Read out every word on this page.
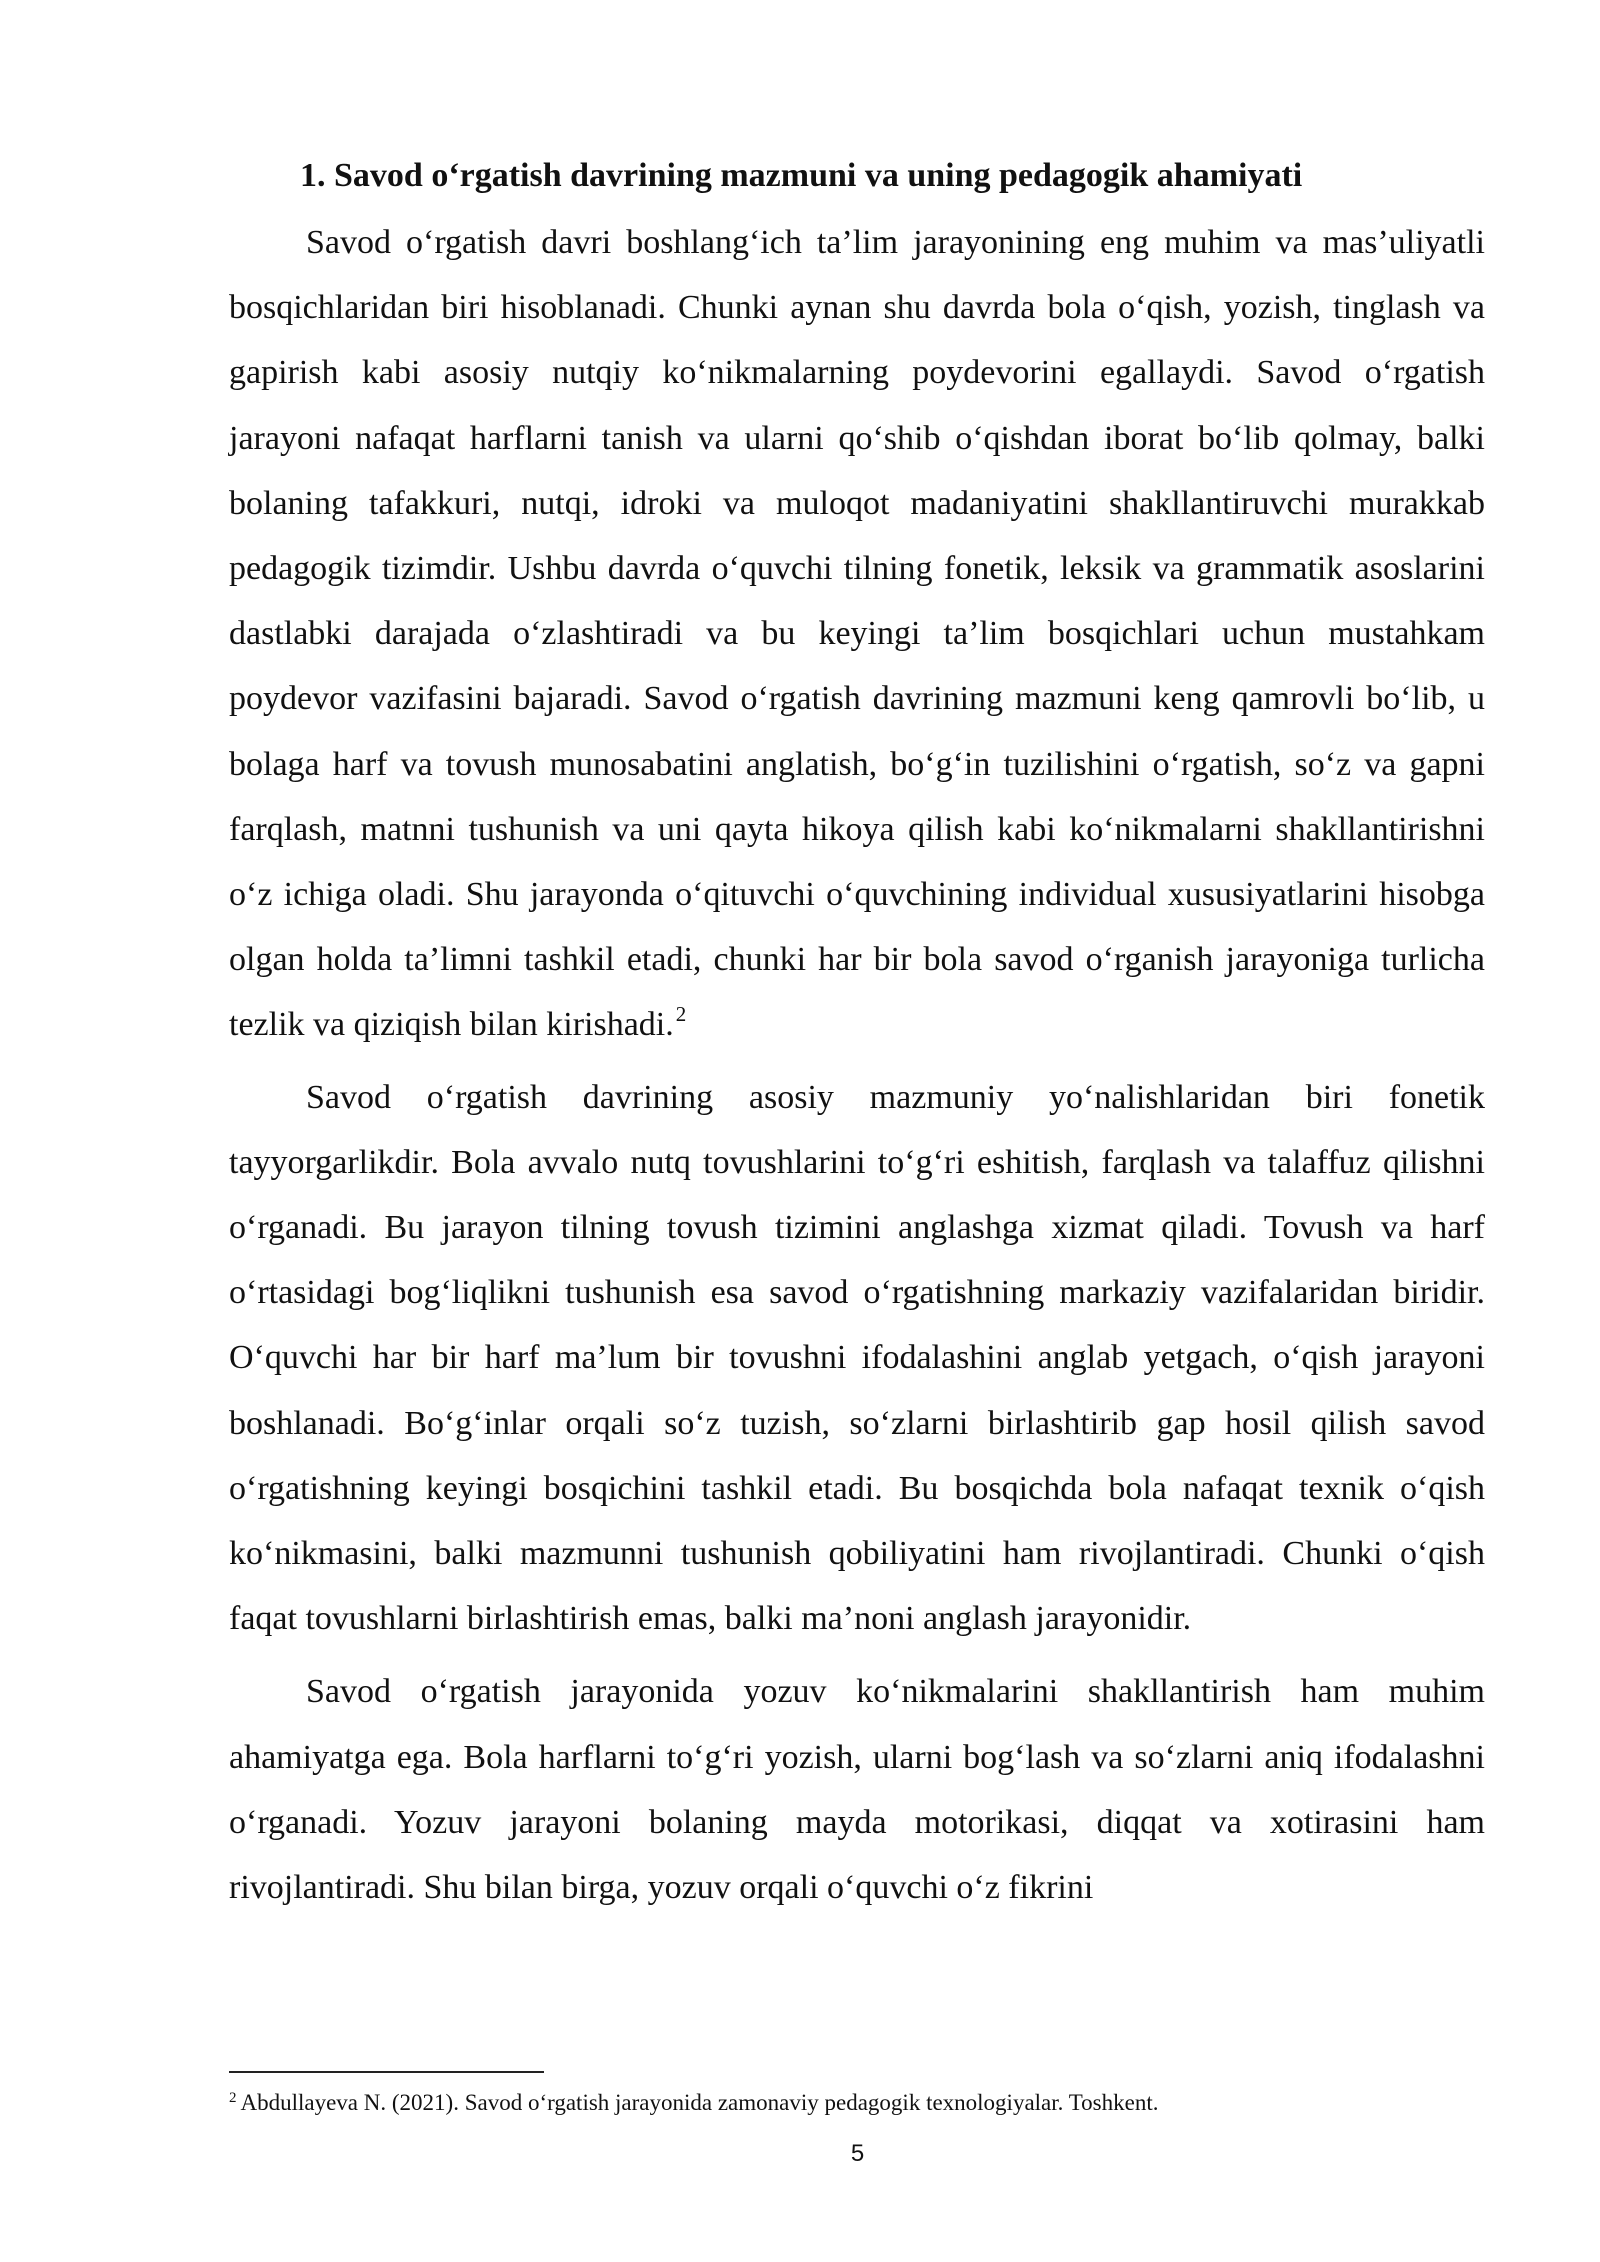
1. Savod o‘rgatish davrining mazmuni va uning pedagogik ahamiyati

Savod o‘rgatish davri boshlang‘ich ta’lim jarayonining eng muhim va mas’uliyatli bosqichlaridan biri hisoblanadi. Chunki aynan shu davrda bola o‘qish, yozish, tinglash va gapirish kabi asosiy nutqiy ko‘nikmalarning poydevorini egallaydi. Savod o‘rgatish jarayoni nafaqat harflarni tanish va ularni qo‘shib o‘qishdan iborat bo‘lib qolmay, balki bolaning tafakkuri, nutqi, idroki va muloqot madaniyatini shakllantiruvchi murakkab pedagogik tizimdir. Ushbu davrda o‘quvchi tilning fonetik, leksik va grammatik asoslarini dastlabki darajada o‘zlashtiradi va bu keyingi ta’lim bosqichlari uchun mustahkam poydevor vazifasini bajaradi. Savod o‘rgatish davrining mazmuni keng qamrovli bo‘lib, u bolaga harf va tovush munosabatini anglatish, bo‘g‘in tuzilishini o‘rgatish, so‘z va gapni farqlash, matnni tushunish va uni qayta hikoya qilish kabi ko‘nikmalarni shakllantirishni o‘z ichiga oladi. Shu jarayonda o‘qituvchi o‘quvchining individual xususiyatlarini hisobga olgan holda ta’limni tashkil etadi, chunki har bir bola savod o‘rganish jarayoniga turlicha tezlik va qiziqish bilan kirishadi.$^2$

Savod o‘rgatish davrining asosiy mazmuniy yo‘nalishlaridan biri fonetik tayyorgarlikdir. Bola avvalo nutq tovushlarini to‘g‘ri eshitish, farqlash va talaffuz qilishni o‘rganadi. Bu jarayon tilning tovush tizimini anglashga xizmat qiladi. Tovush va harf o‘rtasidagi bog‘liqlikni tushunish esa savod o‘rgatishning markaziy vazifalaridan biridir. O‘quvchi har bir harf ma’lum bir tovushni ifodalashini anglab yetgach, o‘qish jarayoni boshlanadi. Bo‘g‘inlar orqali so‘z tuzish, so‘zlarni birlashtirib gap hosil qilish savod o‘rgatishning keyingi bosqichini tashkil etadi. Bu bosqichda bola nafaqat texnik o‘qish ko‘nikmasini, balki mazmunni tushunish qobiliyatini ham rivojlantiradi. Chunki o‘qish faqat tovushlarni birlashtirish emas, balki ma’noni anglash jarayonidir.

Savod o‘rgatish jarayonida yozuv ko‘nikmalarini shakllantirish ham muhim ahamiyatga ega. Bola harflarni to‘g‘ri yozish, ularni bog‘lash va so‘zlarni aniq ifodalashni o‘rganadi. Yozuv jarayoni bolaning mayda motorikasi, diqqat va xotirasini ham rivojlantiradi. Shu bilan birga, yozuv orqali o‘quvchi o‘z fikrini

$^2$ Abdullayeva N. (2021). Savod o‘rgatish jarayonida zamonaviy pedagogik texnologiyalar. Toshkent.
5
